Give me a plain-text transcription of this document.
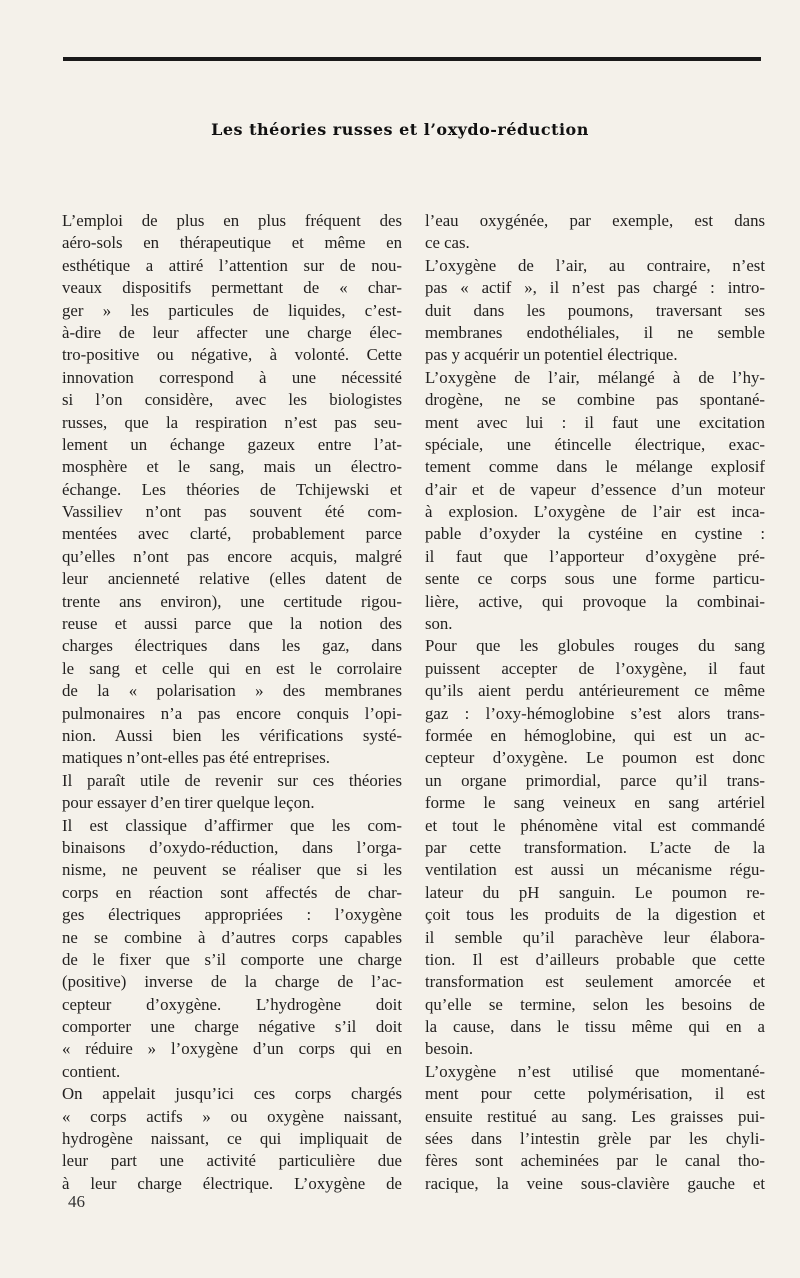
Les théories russes et l’oxydo-réduction
L’emploi de plus en plus fréquent des
aéro-sols en thérapeutique et même en
esthétique a attiré l’attention sur de nou-
veaux dispositifs permettant de « char-
ger » les particules de liquides, c’est-
à-dire de leur affecter une charge élec-
tro-positive ou négative, à volonté. Cette
innovation correspond à une nécessité
si l’on considère, avec les biologistes
russes, que la respiration n’est pas seu-
lement un échange gazeux entre l’at-
mosphère et le sang, mais un électro-
échange. Les théories de Tchijewski et
Vassiliev n’ont pas souvent été com-
mentées avec clarté, probablement parce
qu’elles n’ont pas encore acquis, malgré
leur ancienneté relative (elles datent de
trente ans environ), une certitude rigou-
reuse et aussi parce que la notion des
charges électriques dans les gaz, dans
le sang et celle qui en est le corrolaire
de la « polarisation » des membranes
pulmonaires n’a pas encore conquis l’opi-
nion. Aussi bien les vérifications systé-
matiques n’ont-elles pas été entreprises.
Il paraît utile de revenir sur ces théories
pour essayer d’en tirer quelque leçon.
Il est classique d’affirmer que les com-
binaisons d’oxydo-réduction, dans l’orga-
nisme, ne peuvent se réaliser que si les
corps en réaction sont affectés de char-
ges électriques appropriées : l’oxygène
ne se combine à d’autres corps capables
de le fixer que s’il comporte une charge
(positive) inverse de la charge de l’ac-
cepteur d’oxygène. L’hydrogène doit
comporter une charge négative s’il doit
« réduire » l’oxygène d’un corps qui en
contient.
On appelait jusqu’ici ces corps chargés
« corps actifs » ou oxygène naissant,
hydrogène naissant, ce qui impliquait de
leur part une activité particulière due
à leur charge électrique. L’oxygène de
l’eau oxygénée, par exemple, est dans
ce cas.
L’oxygène de l’air, au contraire, n’est
pas « actif », il n’est pas chargé : intro-
duit dans les poumons, traversant ses
membranes endothéliales, il ne semble
pas y acquérir un potentiel électrique.
L’oxygène de l’air, mélangé à de l’hy-
drogène, ne se combine pas spontané-
ment avec lui : il faut une excitation
spéciale, une étincelle électrique, exac-
tement comme dans le mélange explosif
d’air et de vapeur d’essence d’un moteur
à explosion. L’oxygène de l’air est inca-
pable d’oxyder la cystéine en cystine :
il faut que l’apporteur d’oxygène pré-
sente ce corps sous une forme particu-
lière, active, qui provoque la combinai-
son.
Pour que les globules rouges du sang
puissent accepter de l’oxygène, il faut
qu’ils aient perdu antérieurement ce même
gaz : l’oxy-hémoglobine s’est alors trans-
formée en hémoglobine, qui est un ac-
cepteur d’oxygène. Le poumon est donc
un organe primordial, parce qu’il trans-
forme le sang veineux en sang artériel
et tout le phénomène vital est commandé
par cette transformation. L’acte de la
ventilation est aussi un mécanisme régu-
lateur du pH sanguin. Le poumon re-
çoit tous les produits de la digestion et
il semble qu’il parachève leur élabora-
tion. Il est d’ailleurs probable que cette
transformation est seulement amorcée et
qu’elle se termine, selon les besoins de
la cause, dans le tissu même qui en a
besoin.
L’oxygène n’est utilisé que momentané-
ment pour cette polymérisation, il est
ensuite restitué au sang. Les graisses pui-
sées dans l’intestin grèle par les chyli-
fères sont acheminées par le canal tho-
racique, la veine sous-clavière gauche et
46
